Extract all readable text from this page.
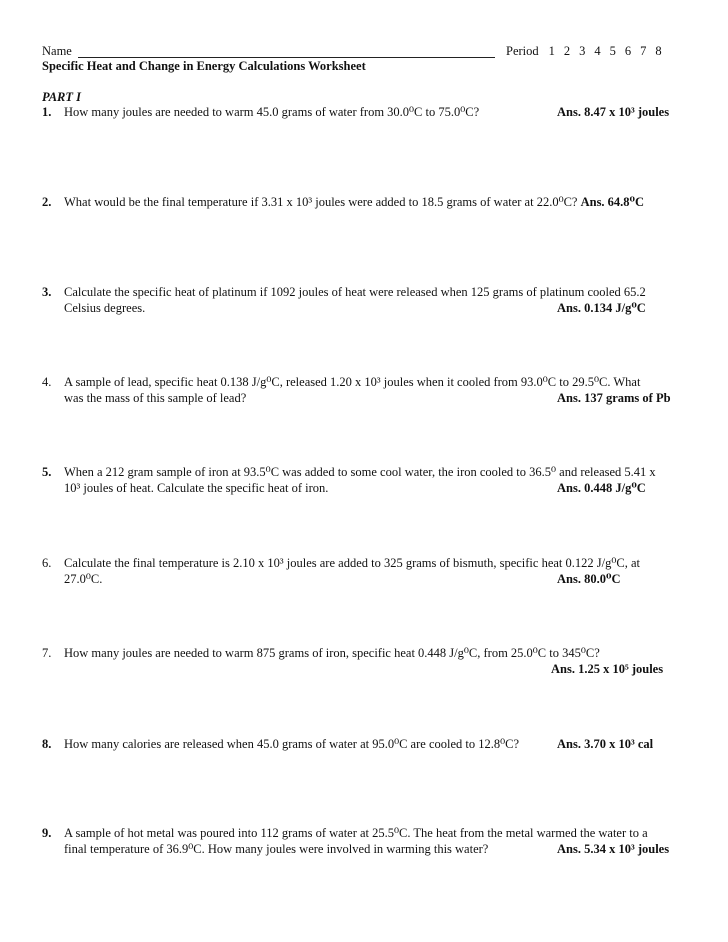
Name	Period 1 2 3 4 5 6 7 8
Specific Heat and Change in Energy Calculations Worksheet
PART I
1.	How many joules are needed to warm 45.0 grams of water from 30.0⁰C to 75.0⁰C?	Ans. 8.47 x 10³ joules
2.	What would be the final temperature if 3.31 x 10³ joules were added to 18.5 grams of water at 22.0⁰C? Ans. 64.8⁰C
3.	Calculate the specific heat of platinum if 1092 joules of heat were released when 125 grams of platinum cooled 65.2
Celsius degrees.	Ans. 0.134 J/g⁰C
4.	A sample of lead, specific heat 0.138 J/g⁰C, released 1.20 x 10³ joules when it cooled from 93.0⁰C to 29.5⁰C. What
was the mass of this sample of lead?	Ans. 137 grams of Pb
5.	When a 212 gram sample of iron at 93.5⁰C was added to some cool water, the iron cooled to 36.5⁰ and released 5.41 x
10³ joules of heat. Calculate the specific heat of iron.	Ans. 0.448 J/g⁰C
6.	Calculate the final temperature is 2.10 x 10³ joules are added to 325 grams of bismuth, specific heat 0.122 J/g⁰C, at
27.0⁰C.	Ans. 80.0⁰C
7.	How many joules are needed to warm 875 grams of iron, specific heat 0.448 J/g⁰C, from 25.0⁰C to 345⁰C?
Ans. 1.25 x 10⁵ joules
8.	How many calories are released when 45.0 grams of water at 95.0⁰C are cooled to 12.8⁰C?	Ans. 3.70 x 10³ cal
9.	A sample of hot metal was poured into 112 grams of water at 25.5⁰C. The heat from the metal warmed the water to a
final temperature of 36.9⁰C. How many joules were involved in warming this water?	Ans. 5.34 x 10³ joules
